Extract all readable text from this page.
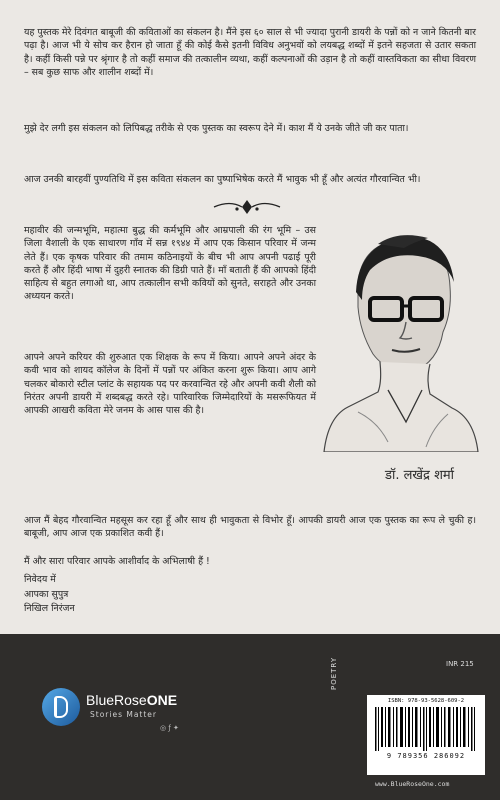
यह पुस्तक मेरे दिवंगत बाबूजी की कविताओं का संकलन है। मैंने इस ६० साल से भी ज्यादा पुरानी डायरी के पन्नों को न जाने कितनी बार पढ़ा है। आज भी ये सोच कर हैरान हो जाता हूँ की कोई कैसे इतनी विविध अनुभवों को लयबद्ध शब्दों में इतने सहजता से उतार सकता है। कहीं किसी पन्ने पर श्रृंगार है तो कहीं समाज की तत्कालीन व्यथा, कहीं कल्पनाओं की उड़ान है तो कहीं वास्तविकता का सीधा विवरण – सब कुछ साफ और शालीन शब्दों में।

मुझे देर लगी इस संकलन को लिपिबद्ध तरीके से एक पुस्तक का स्वरूप देने में। काश मैं ये उनके जीते जी कर पाता।

आज उनकी बारहवीं पुण्यतिथि में इस कविता संकलन का पुष्पाभिषेक करते मैं भावुक भी हूँ और अत्यंत गौरवान्वित भी।

महावीर की जन्मभूमि, महात्मा बुद्ध की कर्मभूमि और आम्रपाली की रंग भूमि – उस जिला वैशाली के एक साधारण गाँव में सन्न १९४४ में आप एक किसान परिवार में जन्म लेते हैं। एक कृषक परिवार की तमाम कठिनाइयों के बीच भी आप अपनी पढाई पूरी करते हैं और हिंदी भाषा में दुहरी स्नातक की डिग्री पाते हैं। माँ बताती हैं की आपको हिंदी साहित्य से बहुत लगाओ था, आप तत्कालीन सभी कवियों को सुनते, सराहते और उनका अध्ययन करते।

आपने अपने करियर की शुरुआत एक शिक्षक के रूप में किया। आपने अपने अंदर के कवी भाव को शायद कॉलेज के दिनों में पन्नों पर अंकित करना शुरू किया। आप आगे चलकर बोकारो स्टील प्लांट के सहायक पद पर करवान्वित रहे और अपनी कवी शैली को निरंतर अपनी डायरी में शब्दबद्ध करते रहे। पारिवारिक जिम्मेदारियों के मसरूफियत में आपकी आखरी कविता मेरे जनम के आस पास की है।

डॉ. लखेंद्र शर्मा

आज मैं बेहद गौरवान्वित महसूस कर रहा हूँ और साथ ही भावुकता से विभोर हूँ। आपकी डायरी आज एक पुस्तक का रूप ले चुकी ह। बाबूजी, आप आज एक प्रकाशित कवी हैं।

मैं और सारा परिवार आपके आशीर्वाद के अभिलाषी हैं !

निवेदय में
आपका सुपुत्र
निखिल निरंजन
BlueRoseONE
Stories Matter
◎ ƒ ✦
INR 215
POETRY
ISBN: 978-93-5628-609-2
9 789356 286092
www.BlueRoseOne.com
